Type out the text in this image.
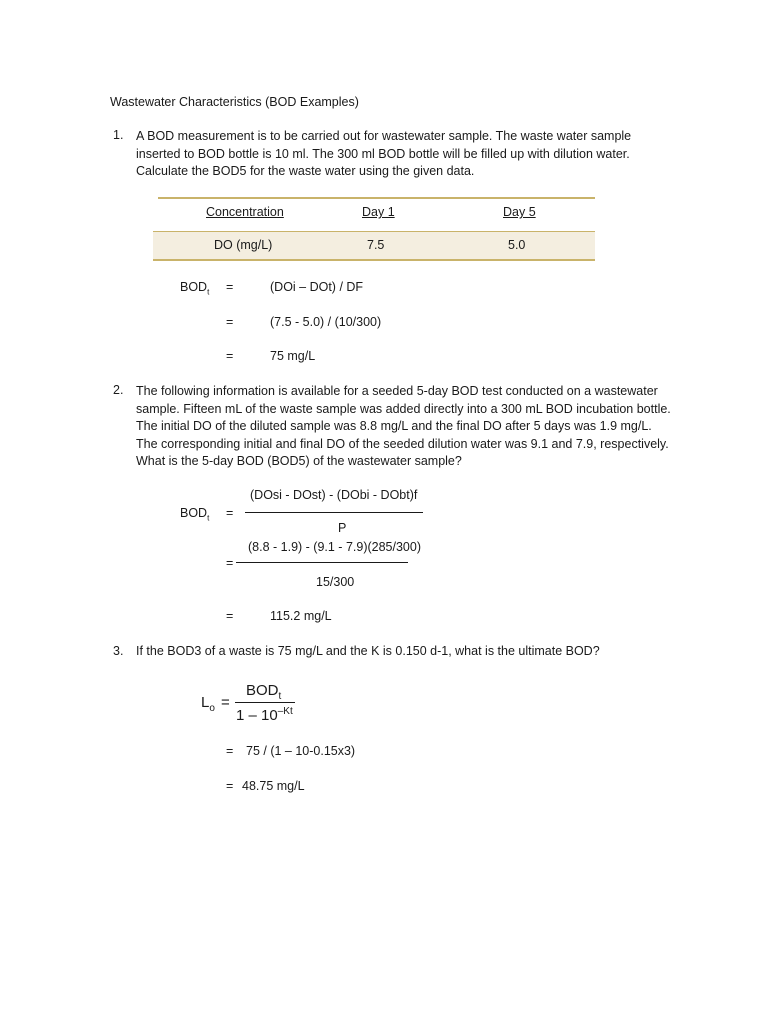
Wastewater Characteristics (BOD Examples)
1. A BOD measurement is to be carried out for wastewater sample. The waste water sample
inserted to BOD bottle is 10 ml. The 300 ml BOD bottle will be filled up with dilution water.
Calculate the BOD5 for the waste water using the given data.
Concentration	Day 1	Day 5
DO (mg/L)	7.5	5.0
$BOD_t$ =	(DOi – DOt) / DF
=	(7.5 - 5.0) / (10/300)
=	75 mg/L
2. The following information is available for a seeded 5-day BOD test conducted on a wastewater
sample. Fifteen mL of the waste sample was added directly into a 300 mL BOD incubation bottle.
The initial DO of the diluted sample was 8.8 mg/L and the final DO after 5 days was 1.9 mg/L.
The corresponding initial and final DO of the seeded dilution water was 9.1 and 7.9, respectively.
What is the 5-day BOD (BOD5) of the wastewater sample?
(DOsi - DOst) - (DObi - DObt)f
$BOD_t$ =
P
(8.8 - 1.9) - (9.1 - 7.9)(285/300)
=
15/300
=	115.2 mg/L
3. If the BOD3 of a waste is 75 mg/L and the K is 0.150 d-1, what is the ultimate BOD?
$L_o$ =
$BOD_t$
$1 - 10^{-Kt}$
= 75 / (1 – 10-0.15x3)
= 48.75 mg/L
